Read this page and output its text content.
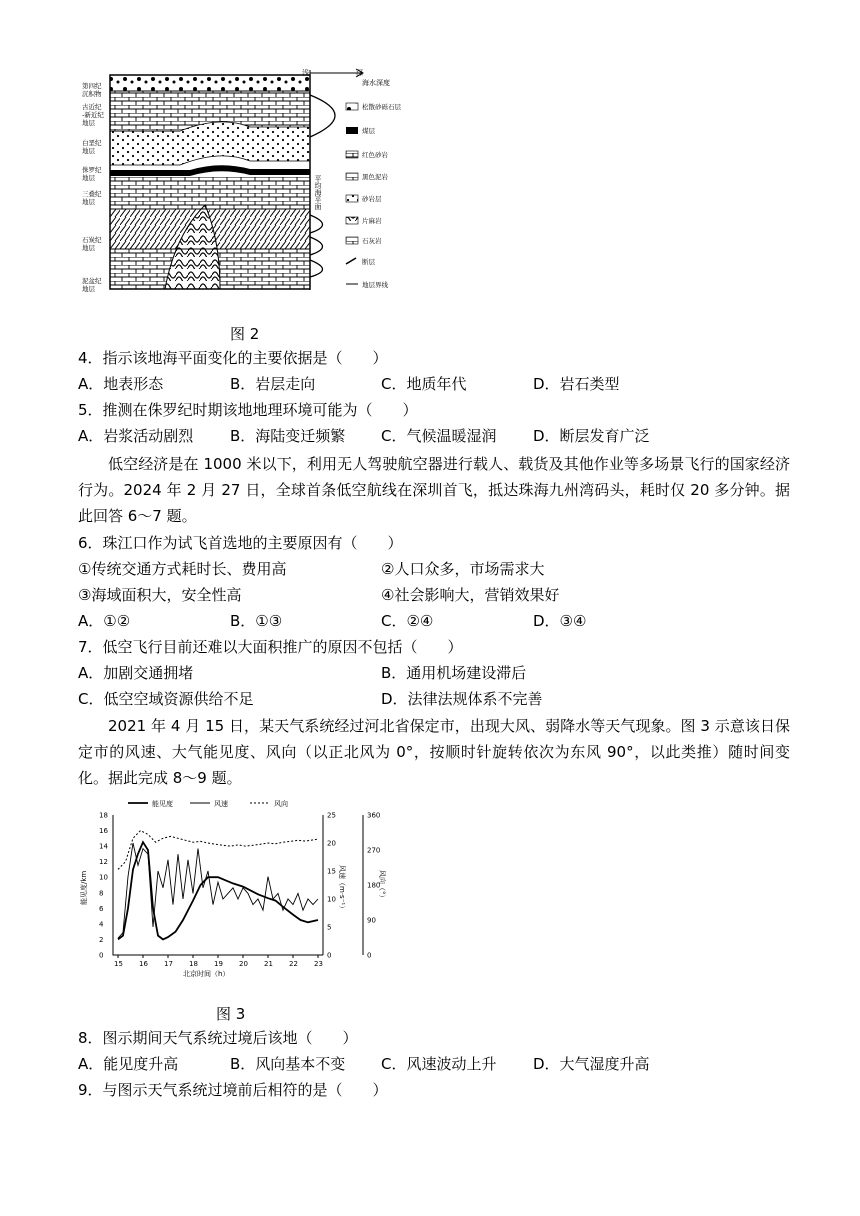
第四纪
沉积物
古近纪
-新近纪
地层
白垩纪
地层
侏罗纪
地层
三叠纪
地层
石炭纪
地层
泥盆纪
地层
浅	深
海水深度
平均海平面
松散砂砾石层
煤层
红色砂岩
黑色泥岩
砂岩层
片麻岩
石灰岩
断层
地层界线
图 2
4．指示该地海平面变化的主要依据是（　　）
A．地表形态	B．岩层走向	C．地质年代	D．岩石类型
5．推测在侏罗纪时期该地地理环境可能为（　　）
A．岩浆活动剧烈 B．海陆变迁频繁 C．气候温暖湿润 D．断层发育广泛
低空经济是在 1000 米以下，利用无人驾驶航空器进行载人、载货及其他作业等多场景飞行的国家经济行为。2024 年 2 月 27 日，全球首条低空航线在深圳首飞，抵达珠海九州湾码头，耗时仅 20 多分钟。据此回答 6～7 题。
6．珠江口作为试飞首选地的主要原因有（　　）
①传统交通方式耗时长、费用高	②人口众多，市场需求大
③海域面积大，安全性高	④社会影响大，营销效果好
A．①②	B．①③	C．②④	D．③④
7．低空飞行目前还难以大面积推广的原因不包括（　　）
A．加剧交通拥堵	B．通用机场建设滞后
C．低空空域资源供给不足	D．法律法规体系不完善
2021 年 4 月 15 日，某天气系统经过河北省保定市，出现大风、弱降水等天气现象。图 3 示意该日保定市的风速、大气能见度、风向（以正北风为 0°，按顺时针旋转依次为东风 90°，以此类推）随时间变化。据此完成 8～9 题。
能见度	风速	风向
能见度/km	风速（m·s⁻¹）	风向（°）
北京时间（h）
15 16 17 18 19 20 21 22 23
0
2
4
6
8
10
12
14
16
18
0
5
10
15
20
25
0
90
180
270
360
图 3
8．图示期间天气系统过境后该地（　　）
A．能见度升高	B．风向基本不变 C．风速波动上升 D．大气湿度升高
9．与图示天气系统过境前后相符的是（　　）
